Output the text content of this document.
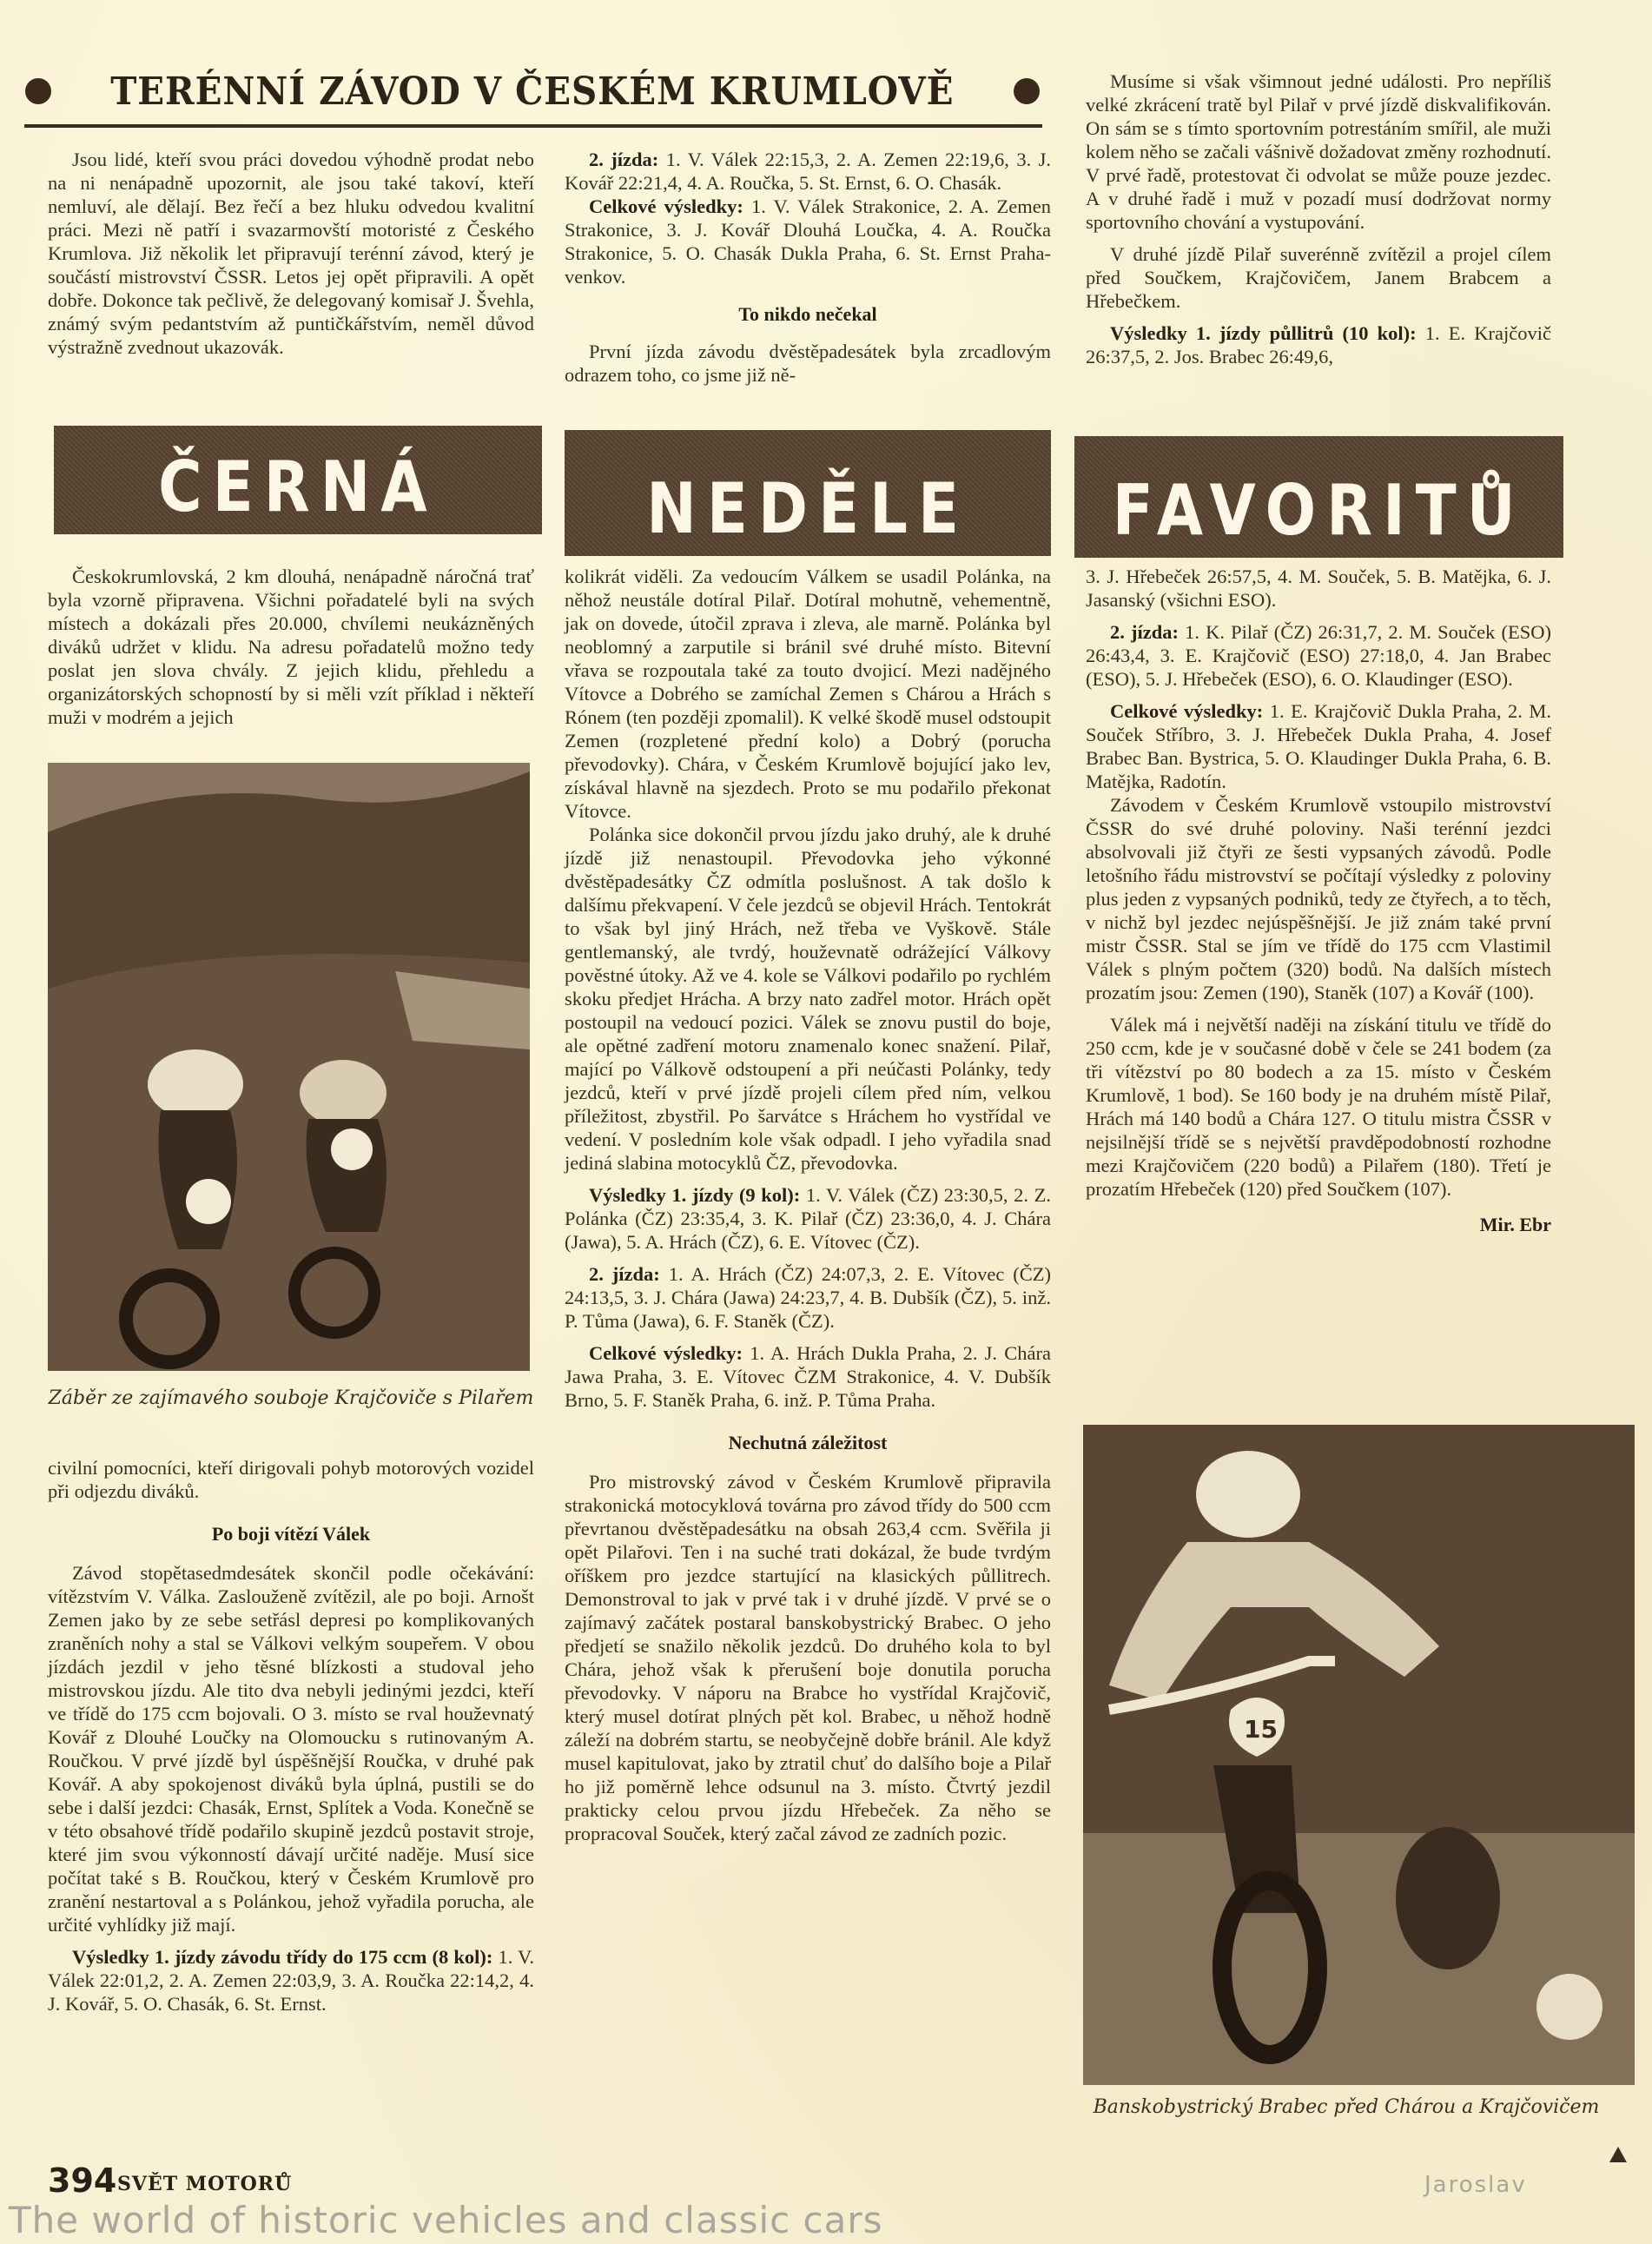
TERÉNNÍ ZÁVOD V ČESKÉM KRUMLOVĚ

Jsou lidé, kteří svou práci dovedou výhodně prodat nebo na ni nenápadně upozornit, ale jsou také takoví, kteří nemluví, ale dělají. Bez řečí a bez hluku odvedou kvalitní práci. Mezi ně patří i svazarmovští motoristé z Českého Krumlova. Již několik let připravují terénní závod, který je součástí mistrovství ČSSR. Letos jej opět připravili. A opět dobře. Dokonce tak pečlivě, že delegovaný komisař J. Švehla, známý svým pedantstvím až puntičkářstvím, neměl důvod výstražně zvednout ukazovák.

2. jízda: 1. V. Válek 22:15,3, 2. A. Zemen 22:19,6, 3. J. Kovář 22:21,4, 4. A. Roučka, 5. St. Ernst, 6. O. Chasák.

Celkové výsledky: 1. V. Válek Strakonice, 2. A. Zemen Strakonice, 3. J. Kovář Dlouhá Loučka, 4. A. Roučka Strakonice, 5. O. Chasák Dukla Praha, 6. St. Ernst Praha-venkov.

To nikdo nečekal

První jízda závodu dvěstěpadesátek byla zrcadlovým odrazem toho, co jsme již ně-

Musíme si však všimnout jedné události. Pro nepříliš velké zkrácení tratě byl Pilař v prvé jízdě diskvalifikován. On sám se s tímto sportovním potrestáním smířil, ale muži kolem něho se začali vášnivě dožadovat změny rozhodnutí. V prvé řadě, protestovat či odvolat se může pouze jezdec. A v druhé řadě i muž v pozadí musí dodržovat normy sportovního chování a vystupování.

V druhé jízdě Pilař suverénně zvítězil a projel cílem před Součkem, Krajčovičem, Janem Brabcem a Hřebečkem.

Výsledky 1. jízdy půllitrů (10 kol): 1. E. Krajčovič 26:37,5, 2. Jos. Brabec 26:49,6,

ČERNÁ	NEDĚLE FAVORITŮ

Českokrumlovská, 2 km dlouhá, nenápadně náročná trať byla vzorně připravena. Všichni pořadatelé byli na svých místech a dokázali přes 20.000, chvílemi neukázněných diváků udržet v klidu. Na adresu pořadatelů možno tedy poslat jen slova chvály. Z jejich klidu, přehledu a organizátorských schopností by si měli vzít příklad i někteří muži v modrém a jejich

Záběr ze zajímavého souboje Krajčoviče s Pilařem

civilní pomocníci, kteří dirigovali pohyb motorových vozidel při odjezdu diváků.

Po boji vítězí Válek

Závod stopětasedmdesátek skončil podle očekávání: vítězstvím V. Válka. Zaslouženě zvítězil, ale po boji. Arnošt Zemen jako by ze sebe setřásl depresi po komplikovaných zraněních nohy a stal se Válkovi velkým soupeřem. V obou jízdách jezdil v jeho těsné blízkosti a studoval jeho mistrovskou jízdu. Ale tito dva nebyli jedinými jezdci, kteří ve třídě do 175 ccm bojovali. O 3. místo se rval houževnatý Kovář z Dlouhé Loučky na Olomoucku s rutinovaným A. Roučkou. V prvé jízdě byl úspěšnější Roučka, v druhé pak Kovář. A aby spokojenost diváků byla úplná, pustili se do sebe i další jezdci: Chasák, Ernst, Splítek a Voda. Konečně se v této obsahové třídě podařilo skupině jezdců postavit stroje, které jim svou výkonností dávají určité naděje. Musí sice počítat také s B. Roučkou, který v Českém Krumlově pro zranění nestartoval a s Polánkou, jehož vyřadila porucha, ale určité vyhlídky již mají.

Výsledky 1. jízdy závodu třídy do 175 ccm (8 kol): 1. V. Válek 22:01,2, 2. A. Zemen 22:03,9, 3. A. Roučka 22:14,2, 4. J. Kovář, 5. O. Chasák, 6. St. Ernst.

kolikrát viděli. Za vedoucím Válkem se usadil Polánka, na něhož neustále dotíral Pilař. Dotíral mohutně, vehementně, jak on dovede, útočil zprava i zleva, ale marně. Polánka byl neoblomný a zarputile si bránil své druhé místo. Bitevní vřava se rozpoutala také za touto dvojicí. Mezi nadějného Vítovce a Dobrého se zamíchal Zemen s Chárou a Hrách s Rónem (ten později zpomalil). K velké škodě musel odstoupit Zemen (rozpletené přední kolo) a Dobrý (porucha převodovky). Chára, v Českém Krumlově bojující jako lev, získával hlavně na sjezdech. Proto se mu podařilo překonat Vítovce.

Polánka sice dokončil prvou jízdu jako druhý, ale k druhé jízdě již nenastoupil. Převodovka jeho výkonné dvěstěpadesátky ČZ odmítla poslušnost. A tak došlo k dalšímu překvapení. V čele jezdců se objevil Hrách. Tentokrát to však byl jiný Hrách, než třeba ve Vyškově. Stále gentlemanský, ale tvrdý, houževnatě odrážející Válkovy pověstné útoky. Až ve 4. kole se Válkovi podařilo po rychlém skoku předjet Hrácha. A brzy nato zadřel motor. Hrách opět postoupil na vedoucí pozici. Válek se znovu pustil do boje, ale opětné zadření motoru znamenalo konec snažení. Pilař, mající po Válkově odstoupení a při neúčasti Polánky, tedy jezdců, kteří v prvé jízdě projeli cílem před ním, velkou příležitost, zbystřil. Po šarvátce s Hráchem ho vystřídal ve vedení. V posledním kole však odpadl. I jeho vyřadila snad jediná slabina motocyklů ČZ, převodovka.

Výsledky 1. jízdy (9 kol): 1. V. Válek (ČZ) 23:30,5, 2. Z. Polánka (ČZ) 23:35,4, 3. K. Pilař (ČZ) 23:36,0, 4. J. Chára (Jawa), 5. A. Hrách (ČZ), 6. E. Vítovec (ČZ).

2. jízda: 1. A. Hrách (ČZ) 24:07,3, 2. E. Vítovec (ČZ) 24:13,5, 3. J. Chára (Jawa) 24:23,7, 4. B. Dubšík (ČZ), 5. inž. P. Tůma (Jawa), 6. F. Staněk (ČZ).

Celkové výsledky: 1. A. Hrách Dukla Praha, 2. J. Chára Jawa Praha, 3. E. Vítovec ČZM Strakonice, 4. V. Dubšík Brno, 5. F. Staněk Praha, 6. inž. P. Tůma Praha.

Nechutná záležitost

Pro mistrovský závod v Českém Krumlově připravila strakonická motocyklová továrna pro závod třídy do 500 ccm převrtanou dvěstěpadesátku na obsah 263,4 ccm. Svěřila ji opět Pilařovi. Ten i na suché trati dokázal, že bude tvrdým oříškem pro jezdce startující na klasických půllitrech. Demonstroval to jak v prvé tak i v druhé jízdě. V prvé se o zajímavý začátek postaral banskobystrický Brabec. O jeho předjetí se snažilo několik jezdců. Do druhého kola to byl Chára, jehož však k přerušení boje donutila porucha převodovky. V náporu na Brabce ho vystřídal Krajčovič, který musel dotírat plných pět kol. Brabec, u něhož hodně záleží na dobrém startu, se neobyčejně dobře bránil. Ale když musel kapitulovat, jako by ztratil chuť do dalšího boje a Pilař ho již poměrně lehce odsunul na 3. místo. Čtvrtý jezdil prakticky celou prvou jízdu Hřebeček. Za něho se propracoval Souček, který začal závod ze zadních pozic.

3. J. Hřebeček 26:57,5, 4. M. Souček, 5. B. Matějka, 6. J. Jasanský (všichni ESO).

2. jízda: 1. K. Pilař (ČZ) 26:31,7, 2. M. Souček (ESO) 26:43,4, 3. E. Krajčovič (ESO) 27:18,0, 4. Jan Brabec (ESO), 5. J. Hřebeček (ESO), 6. O. Klaudinger (ESO).

Celkové výsledky: 1. E. Krajčovič Dukla Praha, 2. M. Souček Stříbro, 3. J. Hřebeček Dukla Praha, 4. Josef Brabec Ban. Bystrica, 5. O. Klaudinger Dukla Praha, 6. B. Matějka, Radotín.

Závodem v Českém Krumlově vstoupilo mistrovství ČSSR do své druhé poloviny. Naši terénní jezdci absolvovali již čtyři ze šesti vypsaných závodů. Podle letošního řádu mistrovství se počítají výsledky z poloviny plus jeden z vypsaných podniků, tedy ze čtyřech, a to těch, v nichž byl jezdec nejúspěšnější. Je již znám také první mistr ČSSR. Stal se jím ve třídě do 175 ccm Vlastimil Válek s plným počtem (320) bodů. Na dalších místech prozatím jsou: Zemen (190), Staněk (107) a Kovář (100).

Válek má i největší naději na získání titulu ve třídě do 250 ccm, kde je v současné době v čele se 241 bodem (za tři vítězství po 80 bodech a za 15. místo v Českém Krumlově, 1 bod). Se 160 body je na druhém místě Pilař, Hrách má 140 bodů a Chára 127. O titulu mistra ČSSR v nejsilnější třídě se s největší pravděpodobností rozhodne mezi Krajčovičem (220 bodů) a Pilařem (180). Třetí je prozatím Hřebeček (120) před Součkem (107).

Mir. Ebr
15
Banskobystrický Brabec před Chárou a Krajčovičem
394 SVĚT MOTORŮ
The world of historic vehicles and classic cars
Jaroslav
